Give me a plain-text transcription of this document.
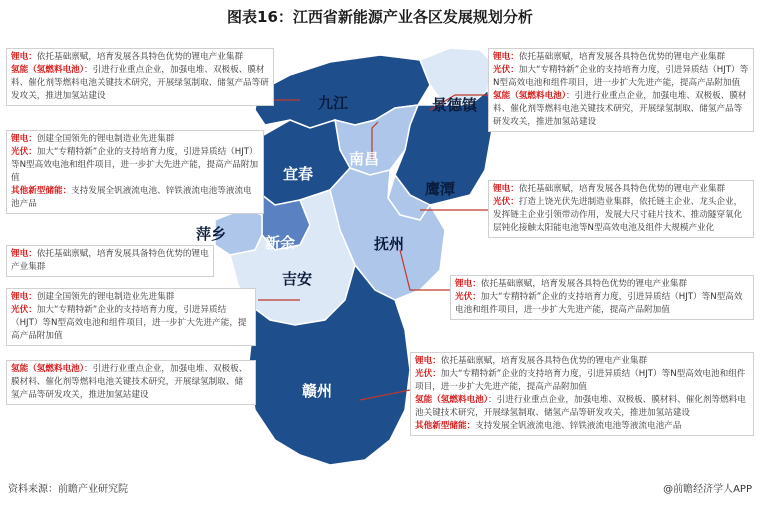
图表16：江西省新能源产业各区发展规划分析
九江	景德镇
南昌
宜春
鹰潭
新余
萍乡
抚州
吉安
赣州
锂电：依托基础禀赋，培育发展各具特色优势的锂电产业集群
氢能（氢燃料电池）：引进行业重点企业，加强电堆、双极板、膜材料、催化剂等燃料电池关键技术研究，开展绿氢制取、储氢产品等研发攻关，推进加氢站建设
锂电：创建全国领先的锂电制造业先进集群
光伏：加大“专精特新”企业的支持培育力度，引进异质结（HJT）等N型高效电池和组件项目，进一步扩大先进产能，提高产品附加值
其他新型储能：支持发展全钒液流电池、锌铁液流电池等液流电池产品
锂电：依托基础禀赋，培育发展具备特色优势的锂电产业集群
锂电：创建全国领先的锂电制造业先进集群
光伏：加大“专精特新”企业的支持培育力度，引进异质结（HJT）等N型高效电池和组件项目，进一步扩大先进产能，提高产品附加值
氢能（氢燃料电池）：引进行业重点企业，加强电堆、双极板、膜材料、催化剂等燃料电池关键技术研究，开展绿氢制取、储氢产品等研发攻关，推进加氢站建设
锂电：依托基础禀赋，培育发展各具特色优势的锂电产业集群
光伏：加大“专精特新”企业的支持培育力度，引进异质结（HJT）等N型高效电池和组件项目，进一步扩大先进产能，提高产品附加值
氢能（氢燃料电池）：引进行业重点企业，加强电堆、双极板、膜材料、催化剂等燃料电池关键技术研究，开展绿氢制取、储氢产品等研发攻关，推进加氢站建设
锂电：依托基础禀赋，培育发展各具特色优势的锂电产业集群
光伏：打造上饶光伏先进制造业集群，依托链主企业、龙头企业，发挥链主企业引领带动作用，发展大尺寸硅片技术、推动隧穿氧化层钝化接触太阳能电池等N型高效电池及组件大规模产业化
锂电：依托基础禀赋，培育发展各具特色优势的锂电产业集群
光伏：加大“专精特新”企业的支持培育力度，引进异质结（HJT）等N型高效电池和组件项目，进一步扩大先进产能，提高产品附加值
锂电：依托基础禀赋，培育发展各具特色优势的锂电产业集群
光伏：加大“专精特新”企业的支持培育力度，引进异质结（HJT）等N型高效电池和组件项目，进一步扩大先进产能，提高产品附加值
氢能（氢燃料电池）：引进行业重点企业，加强电堆、双极板、膜材料、催化剂等燃料电池关键技术研究，开展绿氢制取、储氢产品等研发攻关，推进加氢站建设
其他新型储能：支持发展全钒液流电池、锌铁液流电池等液流电池产品
资料来源：前瞻产业研究院	@前瞻经济学人APP
